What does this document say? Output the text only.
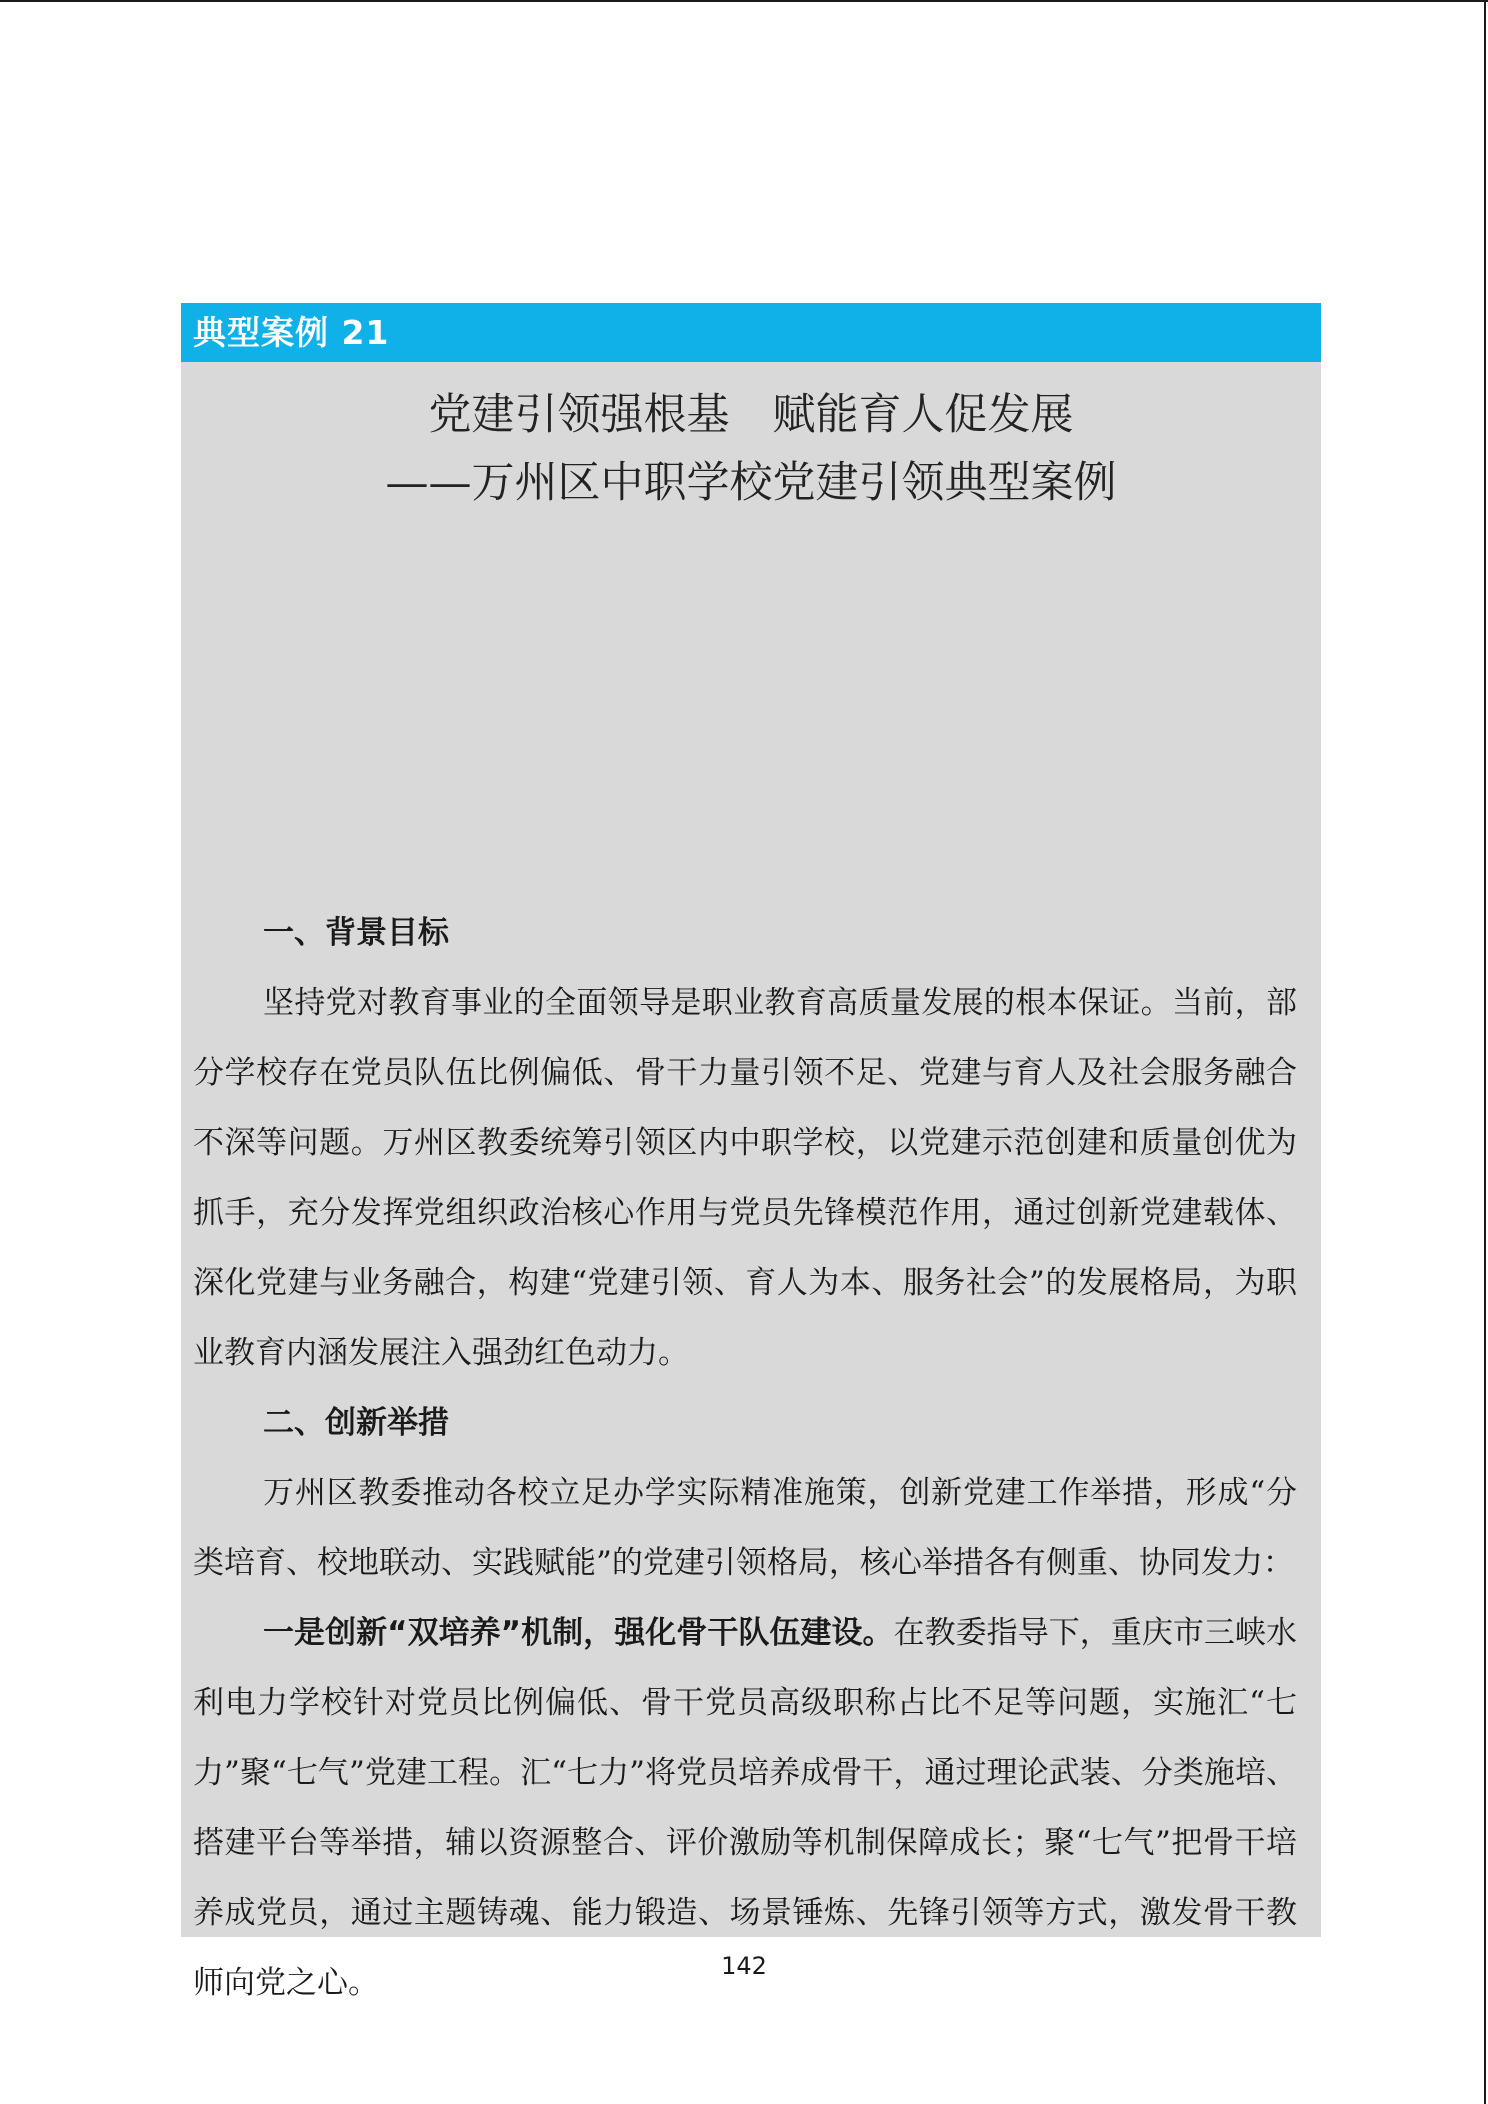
典型案例 21
党建引领强根基　赋能育人促发展
——万州区中职学校党建引领典型案例
一、背景目标

坚持党对教育事业的全面领导是职业教育高质量发展的根本保证。当前，部分学校存在党员队伍比例偏低、骨干力量引领不足、党建与育人及社会服务融合不深等问题。万州区教委统筹引领区内中职学校，以党建示范创建和质量创优为抓手，充分发挥党组织政治核心作用与党员先锋模范作用，通过创新党建载体、深化党建与业务融合，构建“党建引领、育人为本、服务社会”的发展格局，为职业教育内涵发展注入强劲红色动力。

二、创新举措

万州区教委推动各校立足办学实际精准施策，创新党建工作举措，形成“分类培育、校地联动、实践赋能”的党建引领格局，核心举措各有侧重、协同发力：

一是创新“双培养”机制，强化骨干队伍建设。在教委指导下，重庆市三峡水利电力学校针对党员比例偏低、骨干党员高级职称占比不足等问题，实施汇“七力”聚“七气”党建工程。汇“七力”将党员培养成骨干，通过理论武装、分类施培、搭建平台等举措，辅以资源整合、评价激励等机制保障成长；聚“七气”把骨干培养成党员，通过主题铸魂、能力锻造、场景锤炼、先锋引领等方式，激发骨干教师向党之心。	142
